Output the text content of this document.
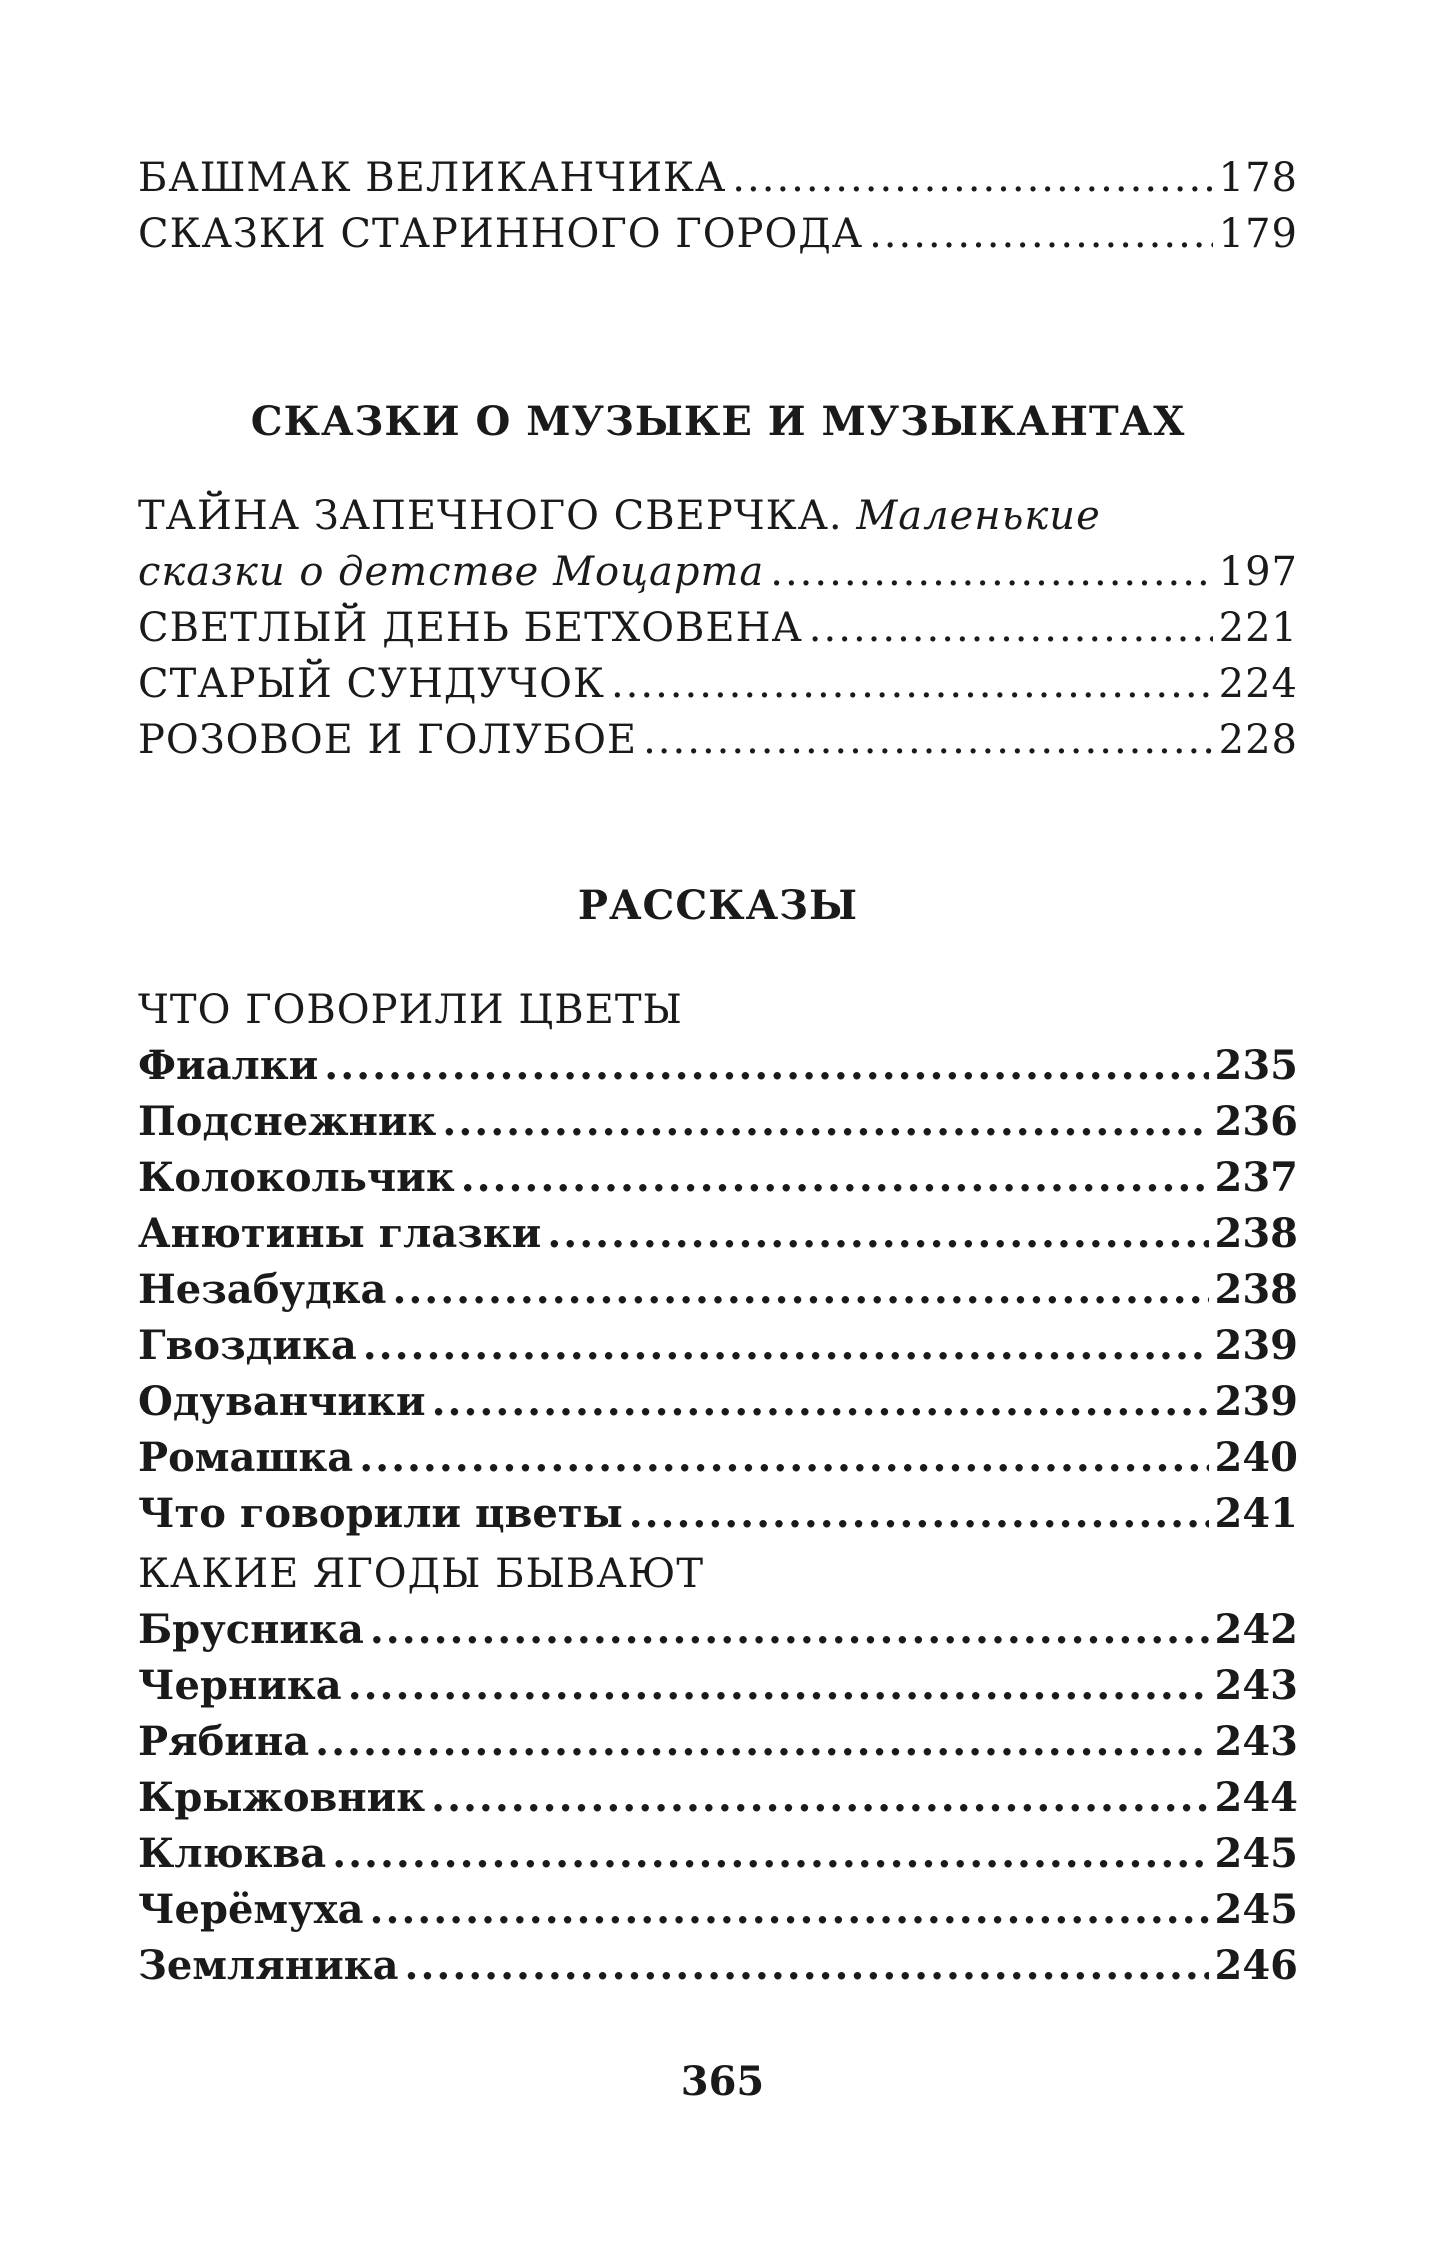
БАШМАК ВЕЛИКАНЧИКА .....	178
СКАЗКИ СТАРИННОГО ГОРОДА .....	179
СКАЗКИ О МУЗЫКЕ И МУЗЫКАНТАХ
ТАЙНА ЗАПЕЧНОГО СВЕРЧКА. Маленькие
сказки о детстве Моцарта .....	197
СВЕТЛЫЙ ДЕНЬ БЕТХОВЕНА .....	221
СТАРЫЙ СУНДУЧОК .....	224
РОЗОВОЕ И ГОЛУБОЕ .....	228
РАССКАЗЫ
ЧТО ГОВОРИЛИ ЦВЕТЫ
Фиалки .....	235
Подснежник .....	236
Колокольчик .....	237
Анютины глазки .....	238
Незабудка .....	238
Гвоздика .....	239
Одуванчики .....	239
Ромашка .....	240
Что говорили цветы .....	241
КАКИЕ ЯГОДЫ БЫВАЮТ
Брусника .....	242
Черника .....	243
Рябина .....	243
Крыжовник .....	244
Клюква .....	245
Черёмуха .....	245
Земляника .....	246
365
